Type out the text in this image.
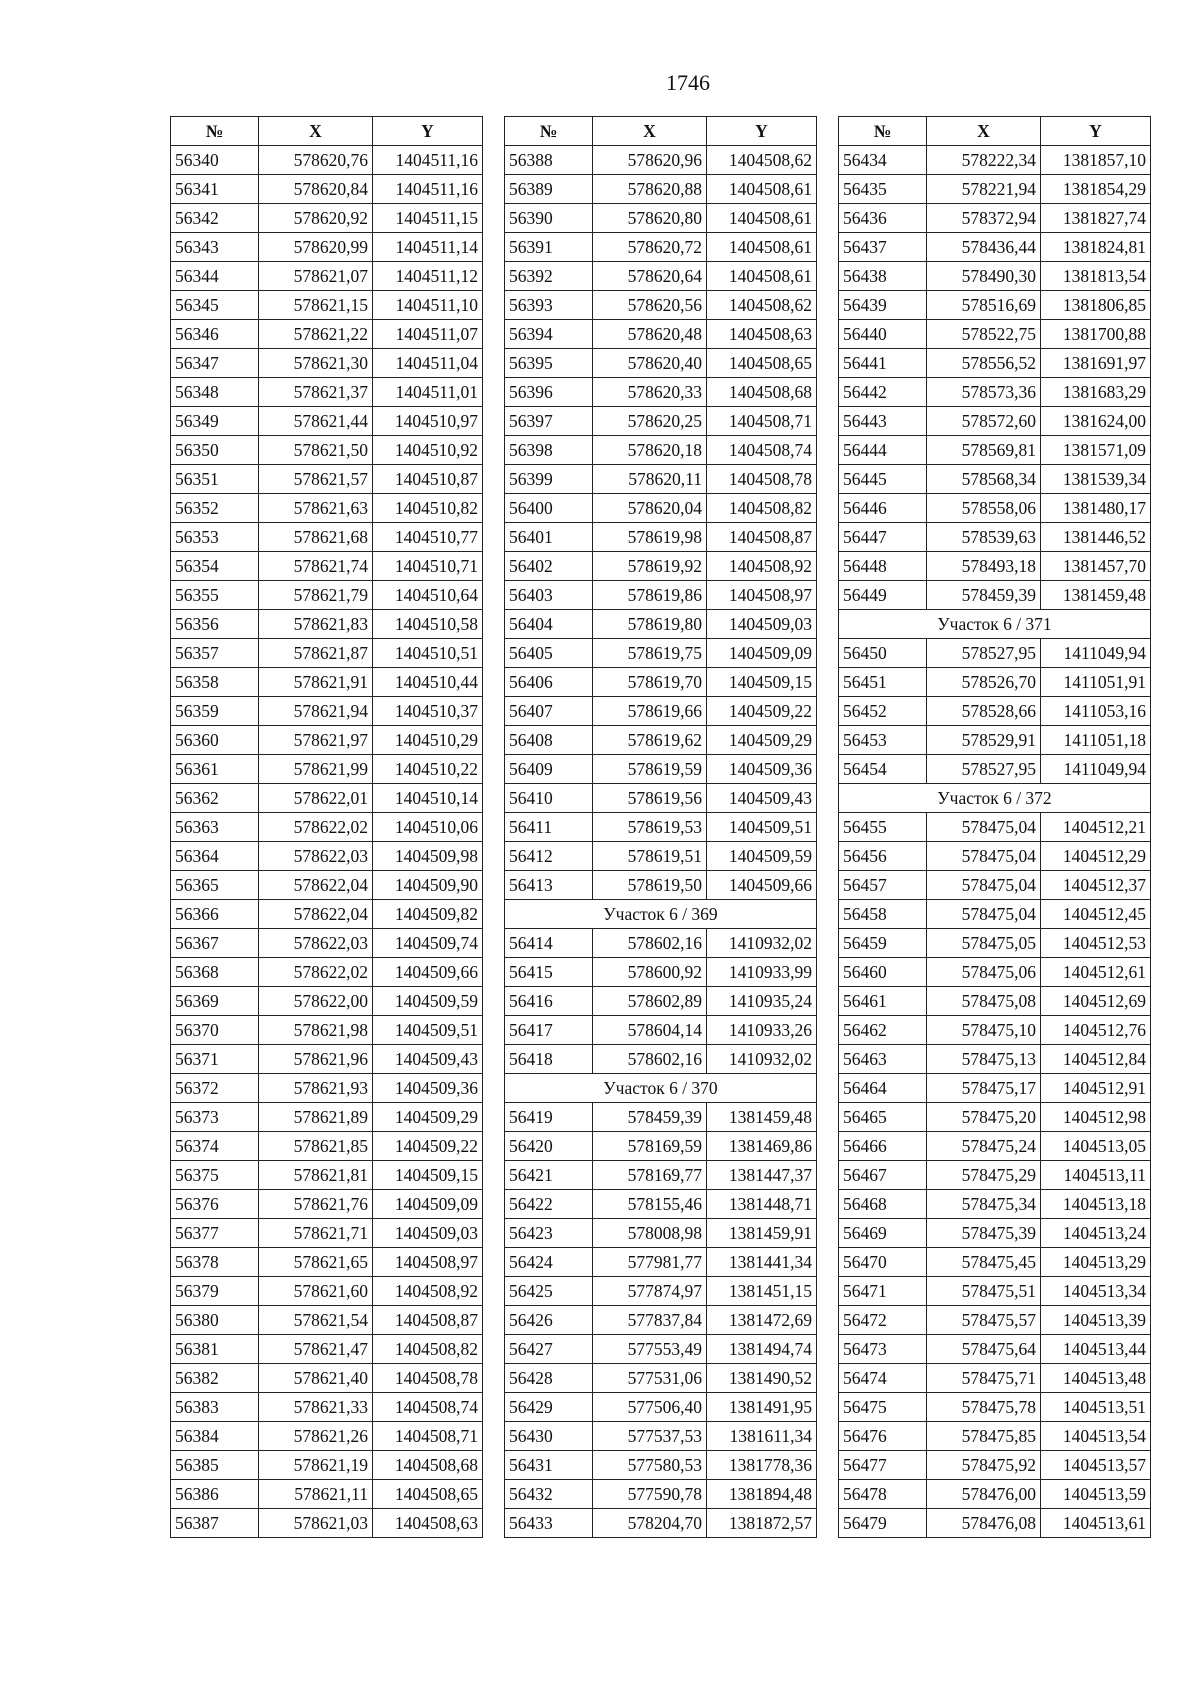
1746
№	X	Y
56340	578620,76	1404511,16
56341	578620,84	1404511,16
56342	578620,92	1404511,15
56343	578620,99	1404511,14
56344	578621,07	1404511,12
56345	578621,15	1404511,10
56346	578621,22	1404511,07
56347	578621,30	1404511,04
56348	578621,37	1404511,01
56349	578621,44	1404510,97
56350	578621,50	1404510,92
56351	578621,57	1404510,87
56352	578621,63	1404510,82
56353	578621,68	1404510,77
56354	578621,74	1404510,71
56355	578621,79	1404510,64
56356	578621,83	1404510,58
56357	578621,87	1404510,51
56358	578621,91	1404510,44
56359	578621,94	1404510,37
56360	578621,97	1404510,29
56361	578621,99	1404510,22
56362	578622,01	1404510,14
56363	578622,02	1404510,06
56364	578622,03	1404509,98
56365	578622,04	1404509,90
56366	578622,04	1404509,82
56367	578622,03	1404509,74
56368	578622,02	1404509,66
56369	578622,00	1404509,59
56370	578621,98	1404509,51
56371	578621,96	1404509,43
56372	578621,93	1404509,36
56373	578621,89	1404509,29
56374	578621,85	1404509,22
56375	578621,81	1404509,15
56376	578621,76	1404509,09
56377	578621,71	1404509,03
56378	578621,65	1404508,97
56379	578621,60	1404508,92
56380	578621,54	1404508,87
56381	578621,47	1404508,82
56382	578621,40	1404508,78
56383	578621,33	1404508,74
56384	578621,26	1404508,71
56385	578621,19	1404508,68
56386	578621,11	1404508,65
56387	578621,03	1404508,63
№	X	Y
56388	578620,96	1404508,62
56389	578620,88	1404508,61
56390	578620,80	1404508,61
56391	578620,72	1404508,61
56392	578620,64	1404508,61
56393	578620,56	1404508,62
56394	578620,48	1404508,63
56395	578620,40	1404508,65
56396	578620,33	1404508,68
56397	578620,25	1404508,71
56398	578620,18	1404508,74
56399	578620,11	1404508,78
56400	578620,04	1404508,82
56401	578619,98	1404508,87
56402	578619,92	1404508,92
56403	578619,86	1404508,97
56404	578619,80	1404509,03
56405	578619,75	1404509,09
56406	578619,70	1404509,15
56407	578619,66	1404509,22
56408	578619,62	1404509,29
56409	578619,59	1404509,36
56410	578619,56	1404509,43
56411	578619,53	1404509,51
56412	578619,51	1404509,59
56413	578619,50	1404509,66
Участок 6 / 369		
56414	578602,16	1410932,02
56415	578600,92	1410933,99
56416	578602,89	1410935,24
56417	578604,14	1410933,26
56418	578602,16	1410932,02
Участок 6 / 370		
56419	578459,39	1381459,48
56420	578169,59	1381469,86
56421	578169,77	1381447,37
56422	578155,46	1381448,71
56423	578008,98	1381459,91
56424	577981,77	1381441,34
56425	577874,97	1381451,15
56426	577837,84	1381472,69
56427	577553,49	1381494,74
56428	577531,06	1381490,52
56429	577506,40	1381491,95
56430	577537,53	1381611,34
56431	577580,53	1381778,36
56432	577590,78	1381894,48
56433	578204,70	1381872,57
№	X	Y
56434	578222,34	1381857,10
56435	578221,94	1381854,29
56436	578372,94	1381827,74
56437	578436,44	1381824,81
56438	578490,30	1381813,54
56439	578516,69	1381806,85
56440	578522,75	1381700,88
56441	578556,52	1381691,97
56442	578573,36	1381683,29
56443	578572,60	1381624,00
56444	578569,81	1381571,09
56445	578568,34	1381539,34
56446	578558,06	1381480,17
56447	578539,63	1381446,52
56448	578493,18	1381457,70
56449	578459,39	1381459,48
Участок 6 / 371		
56450	578527,95	1411049,94
56451	578526,70	1411051,91
56452	578528,66	1411053,16
56453	578529,91	1411051,18
56454	578527,95	1411049,94
Участок 6 / 372		
56455	578475,04	1404512,21
56456	578475,04	1404512,29
56457	578475,04	1404512,37
56458	578475,04	1404512,45
56459	578475,05	1404512,53
56460	578475,06	1404512,61
56461	578475,08	1404512,69
56462	578475,10	1404512,76
56463	578475,13	1404512,84
56464	578475,17	1404512,91
56465	578475,20	1404512,98
56466	578475,24	1404513,05
56467	578475,29	1404513,11
56468	578475,34	1404513,18
56469	578475,39	1404513,24
56470	578475,45	1404513,29
56471	578475,51	1404513,34
56472	578475,57	1404513,39
56473	578475,64	1404513,44
56474	578475,71	1404513,48
56475	578475,78	1404513,51
56476	578475,85	1404513,54
56477	578475,92	1404513,57
56478	578476,00	1404513,59
56479	578476,08	1404513,61
